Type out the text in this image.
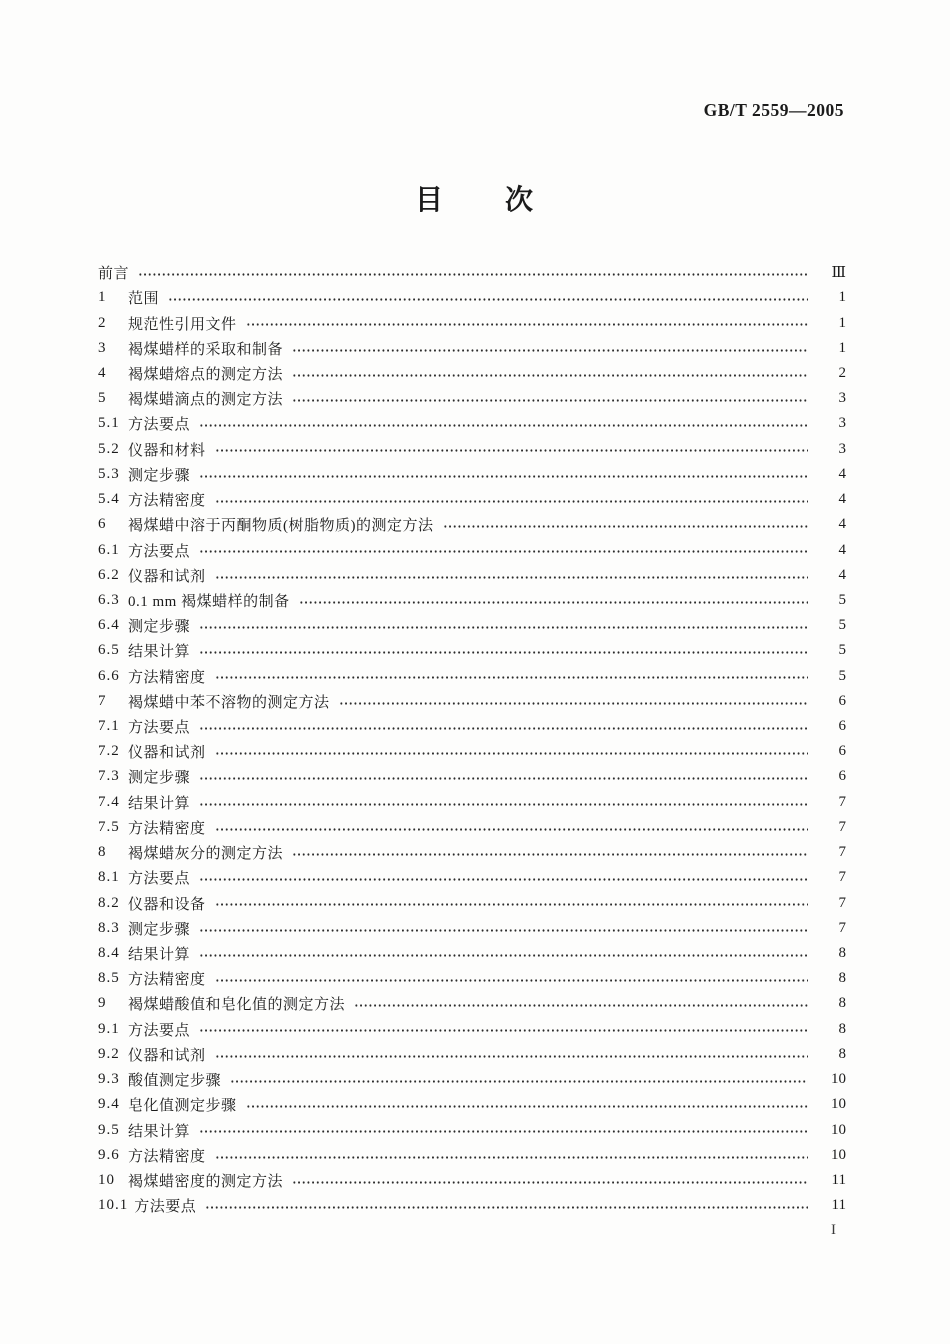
GB/T 2559—2005
目　　次
前言	Ⅲ
1	范围	1
2	规范性引用文件	1
3	褐煤蜡样的采取和制备	1
4	褐煤蜡熔点的测定方法	2
5	褐煤蜡滴点的测定方法	3
5.1 方法要点	3
5.2 仪器和材料	3
5.3 测定步骤	4
5.4 方法精密度	4
6	褐煤蜡中溶于丙酮物质(树脂物质)的测定方法	4
6.1 方法要点	4
6.2 仪器和试剂	4
6.3 0.1 mm 褐煤蜡样的制备	5
6.4 测定步骤	5
6.5 结果计算	5
6.6 方法精密度	5
7	褐煤蜡中苯不溶物的测定方法	6
7.1 方法要点	6
7.2 仪器和试剂	6
7.3 测定步骤	6
7.4 结果计算	7
7.5 方法精密度	7
8	褐煤蜡灰分的测定方法	7
8.1 方法要点	7
8.2 仪器和设备	7
8.3 测定步骤	7
8.4 结果计算	8
8.5 方法精密度	8
9	褐煤蜡酸值和皂化值的测定方法	8
9.1 方法要点	8
9.2 仪器和试剂	8
9.3 酸值测定步骤	10
9.4 皂化值测定步骤	10
9.5 结果计算	10
9.6 方法精密度	10
10 褐煤蜡密度的测定方法	11
10.1 方法要点	11
I
